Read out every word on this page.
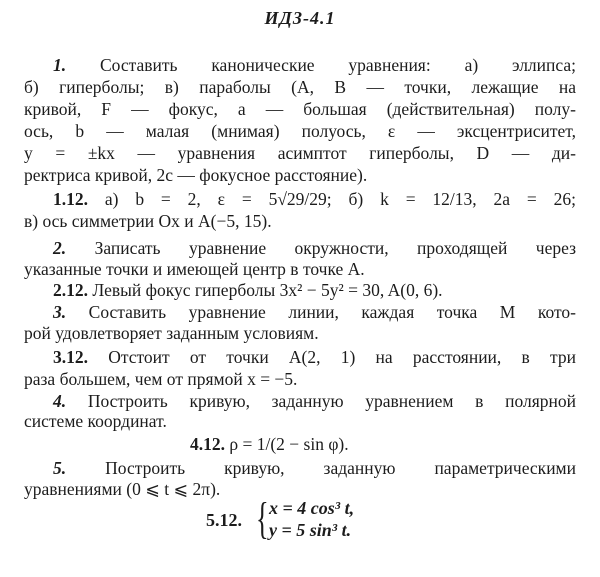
ИДЗ-4.1
1. Составить канонические уравнения: а) эллипса;
б) гиперболы; в) параболы (A, B — точки, лежащие на
кривой, F — фокус, a — большая (действительная) полу-
ось, b — малая (мнимая) полуось, ε — эксцентриситет,
y = ±kx — уравнения асимптот гиперболы, D — ди-
ректриса кривой, 2c — фокусное расстояние).
1.12. а) b = 2, ε = 5√29/29; б) k = 12/13, 2a = 26;
в) ось симметрии Ox и A(−5, 15).
2. Записать уравнение окружности, проходящей через
указанные точки и имеющей центр в точке A.
2.12. Левый фокус гиперболы 3x² − 5y² = 30, A(0, 6).
3. Составить уравнение линии, каждая точка M кото-
рой удовлетворяет заданным условиям.
3.12. Отстоит от точки A(2, 1) на расстоянии, в три
раза большем, чем от прямой x = −5.
4. Построить кривую, заданную уравнением в полярной
системе координат.
4.12. ρ = 1/(2 − sin φ).
5. Построить кривую, заданную параметрическими
уравнениями (0 ⩽ t ⩽ 2π).
5.12. { x = 4 cos³ t,
y = 5 sin³ t.
